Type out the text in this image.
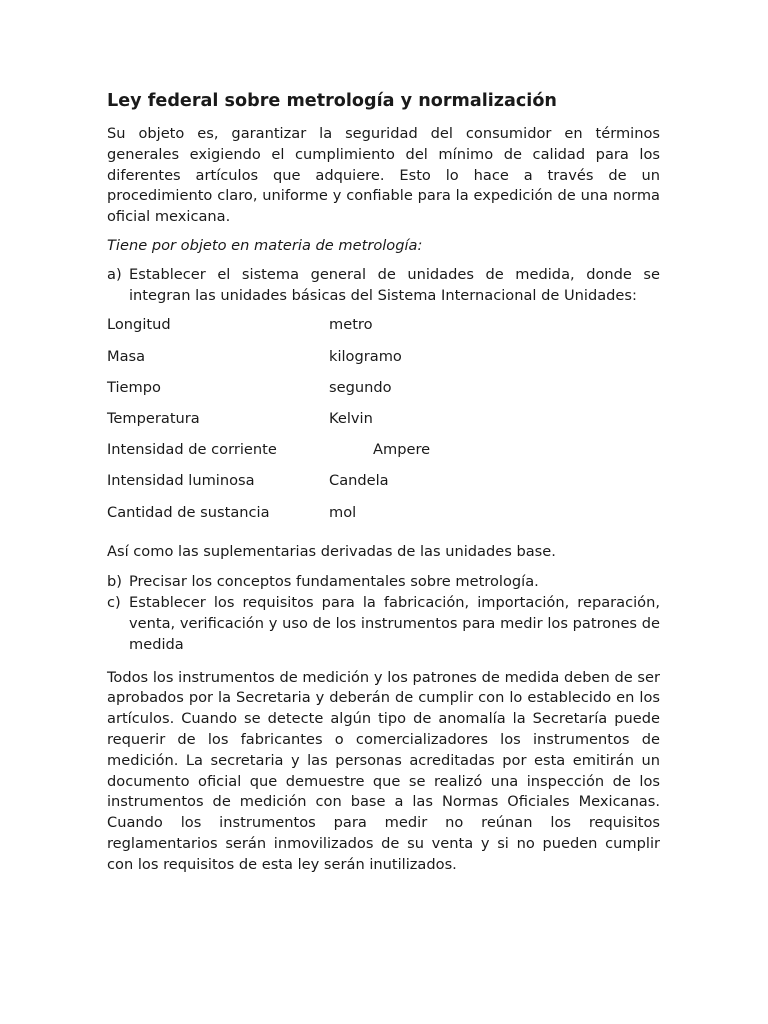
Ley federal sobre metrología y normalización

Su objeto es, garantizar la seguridad del consumidor en términos generales exigiendo el cumplimiento del mínimo de calidad para los diferentes artículos que adquiere. Esto lo hace a través de un procedimiento claro, uniforme y confiable para la expedición de una norma oficial mexicana.

Tiene por objeto en materia de metrología:

a) Establecer el sistema general de unidades de medida, donde se integran las unidades básicas del Sistema Internacional de Unidades:
Longitud	metro
Masa	kilogramo
Tiempo	segundo
Temperatura	Kelvin
Intensidad de corriente	Ampere
Intensidad luminosa	Candela
Cantidad de sustancia	mol

Así como las suplementarias derivadas de las unidades base.

b) Precisar los conceptos fundamentales sobre metrología.
c) Establecer los requisitos para la fabricación, importación, reparación, venta, verificación y uso de los instrumentos para medir los patrones de medida

Todos los instrumentos de medición y los patrones de medida deben de ser aprobados por la Secretaria y deberán de cumplir con lo establecido en los artículos. Cuando se detecte algún tipo de anomalía la Secretaría puede requerir de los fabricantes o comercializadores los instrumentos de medición. La secretaria y las personas acreditadas por esta emitirán un documento oficial que demuestre que se realizó una inspección de los instrumentos de medición con base a las Normas Oficiales Mexicanas. Cuando los instrumentos para medir no reúnan los requisitos reglamentarios serán inmovilizados de su venta y si no pueden cumplir con los requisitos de esta ley serán inutilizados.
